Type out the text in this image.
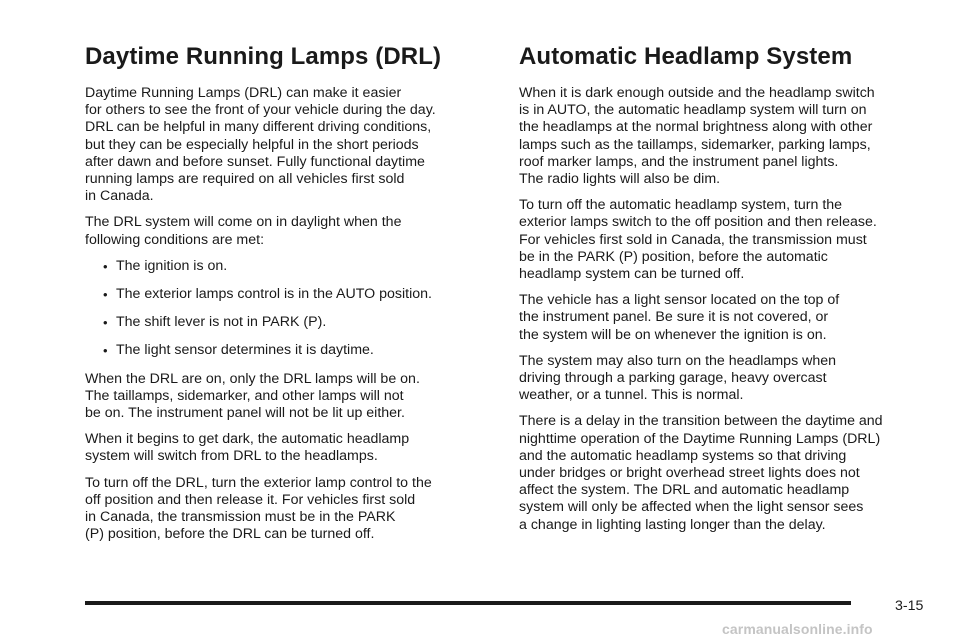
Daytime Running Lamps (DRL)

Daytime Running Lamps (DRL) can make it easier
for others to see the front of your vehicle during the day.
DRL can be helpful in many different driving conditions,
but they can be especially helpful in the short periods
after dawn and before sunset. Fully functional daytime
running lamps are required on all vehicles first sold
in Canada.

The DRL system will come on in daylight when the
following conditions are met:

• The ignition is on.
• The exterior lamps control is in the AUTO position.
• The shift lever is not in PARK (P).
• The light sensor determines it is daytime.

When the DRL are on, only the DRL lamps will be on.
The taillamps, sidemarker, and other lamps will not
be on. The instrument panel will not be lit up either.

When it begins to get dark, the automatic headlamp
system will switch from DRL to the headlamps.

To turn off the DRL, turn the exterior lamp control to the
off position and then release it. For vehicles first sold
in Canada, the transmission must be in the PARK
(P) position, before the DRL can be turned off.

Automatic Headlamp System

When it is dark enough outside and the headlamp switch
is in AUTO, the automatic headlamp system will turn on
the headlamps at the normal brightness along with other
lamps such as the taillamps, sidemarker, parking lamps,
roof marker lamps, and the instrument panel lights.
The radio lights will also be dim.

To turn off the automatic headlamp system, turn the
exterior lamps switch to the off position and then release.
For vehicles first sold in Canada, the transmission must
be in the PARK (P) position, before the automatic
headlamp system can be turned off.

The vehicle has a light sensor located on the top of
the instrument panel. Be sure it is not covered, or
the system will be on whenever the ignition is on.

The system may also turn on the headlamps when
driving through a parking garage, heavy overcast
weather, or a tunnel. This is normal.

There is a delay in the transition between the daytime and
nighttime operation of the Daytime Running Lamps (DRL)
and the automatic headlamp systems so that driving
under bridges or bright overhead street lights does not
affect the system. The DRL and automatic headlamp
system will only be affected when the light sensor sees
a change in lighting lasting longer than the delay.

3-15
carmanualsonline.info
